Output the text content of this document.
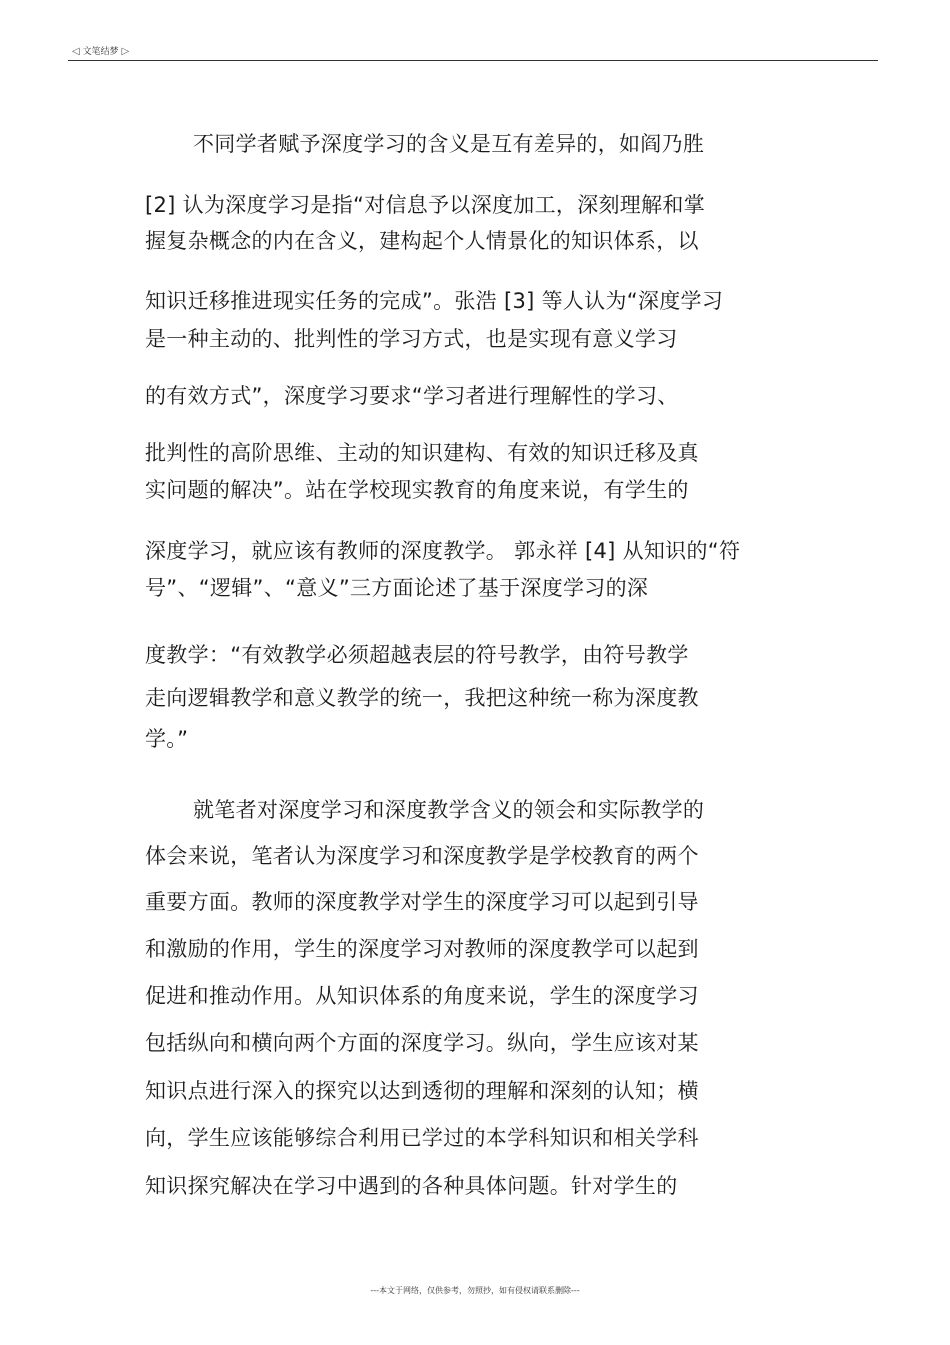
◁ 文笔结梦 ▷

不同学者赋予深度学习的含义是互有差异的，如阎乃胜

[2] 认为深度学习是指“对信息予以深度加工，深刻理解和掌

握复杂概念的内在含义，建构起个人情景化的知识体系，以

知识迁移推进现实任务的完成”。张浩 [3] 等人认为“深度学习

是一种主动的、批判性的学习方式，也是实现有意义学习

的有效方式”，深度学习要求“学习者进行理解性的学习、

批判性的高阶思维、主动的知识建构、有效的知识迁移及真

实问题的解决”。站在学校现实教育的角度来说，有学生的

深度学习，就应该有教师的深度教学。 郭永祥 [4] 从知识的“符

号”、“逻辑”、“意义”三方面论述了基于深度学习的深

度教学：“有效教学必须超越表层的符号教学，由符号教学

走向逻辑教学和意义教学的统一，我把这种统一称为深度教

学。”

就笔者对深度学习和深度教学含义的领会和实际教学的

体会来说，笔者认为深度学习和深度教学是学校教育的两个

重要方面。教师的深度教学对学生的深度学习可以起到引导

和激励的作用，学生的深度学习对教师的深度教学可以起到

促进和推动作用。从知识体系的角度来说，学生的深度学习

包括纵向和横向两个方面的深度学习。纵向，学生应该对某

知识点进行深入的探究以达到透彻的理解和深刻的认知；横

向，学生应该能够综合利用已学过的本学科知识和相关学科

知识探究解决在学习中遇到的各种具体问题。针对学生的

---本文于网络，仅供参考，勿照抄，如有侵权请联系删除---
